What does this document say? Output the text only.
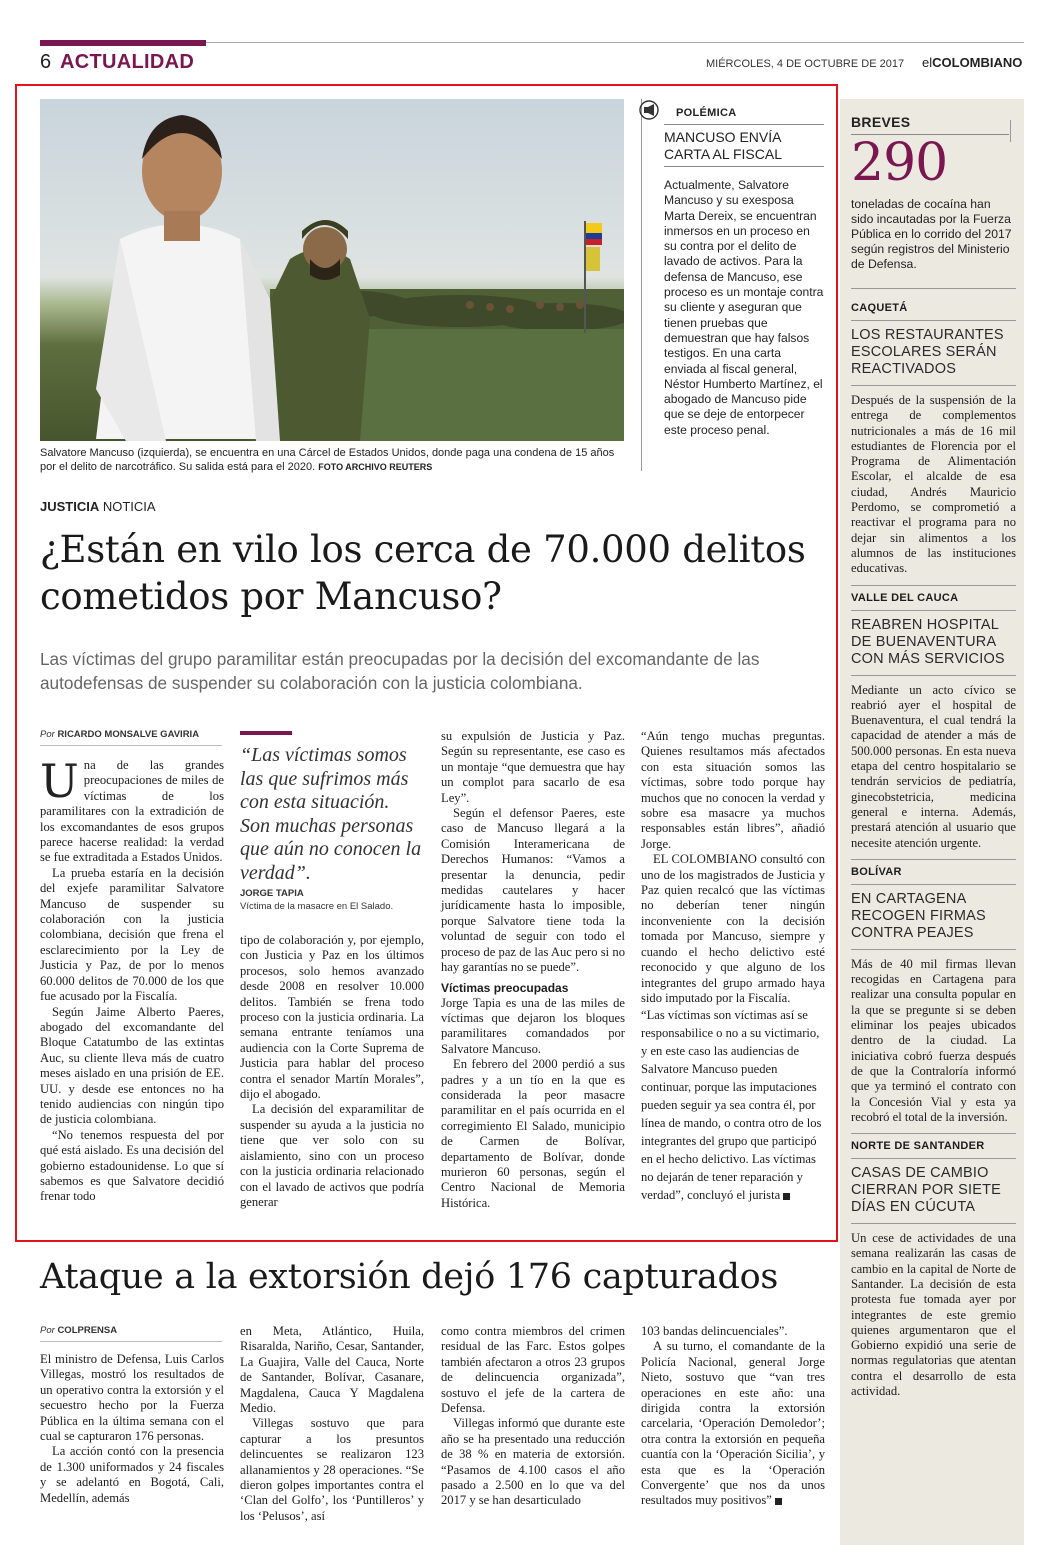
6 ACTUALIDAD	MIÉRCOLES, 4 DE OCTUBRE DE 2017 elCOLOMBIANO
Salvatore Mancuso (izquierda), se encuentra en una Cárcel de Estados Unidos, donde paga una condena de 15 años por el delito de narcotráfico. Su salida está para el 2020. FOTO ARCHIVO REUTERS
POLÉMICA
MANCUSO ENVÍA CARTA AL FISCAL
Actualmente, Salvatore Mancuso y su exesposa Marta Dereix, se encuentran inmersos en un proceso en su contra por el delito de lavado de activos. Para la defensa de Mancuso, ese proceso es un montaje contra su cliente y aseguran que tienen pruebas que demuestran que hay falsos testigos. En una carta enviada al fiscal general, Néstor Humberto Martínez, el abogado de Mancuso pide que se deje de entorpecer este proceso penal.
JUSTICIA NOTICIA
¿Están en vilo los cerca de 70.000 delitos cometidos por Mancuso?
Las víctimas del grupo paramilitar están preocupadas por la decisión del excomandante de las autodefensas de suspender su colaboración con la justicia colombiana.
Por RICARDO MONSALVE GAVIRIA
U na de las grandes preocupaciones de miles de víctimas de los paramilitares con la extradición de los excomandantes de esos grupos parece hacerse realidad: la verdad se fue extraditada a Estados Unidos.

La prueba estaría en la decisión del exjefe paramilitar Salvatore Mancuso de suspender su colaboración con la justicia colombiana, decisión que frena el esclarecimiento por la Ley de Justicia y Paz, de por lo menos 60.000 delitos de 70.000 de los que fue acusado por la Fiscalía.

Según Jaime Alberto Paeres, abogado del excomandante del Bloque Catatumbo de las extintas Auc, su cliente lleva más de cuatro meses aislado en una prisión de EE. UU. y desde ese entonces no ha tenido audiencias con ningún tipo de justicia colombiana.

“No tenemos respuesta del por qué está aislado. Es una decisión del gobierno estadounidense. Lo que sí sabemos es que Salvatore decidió frenar todo

“Las víctimas somos las que sufrimos más con esta situación. Son muchas personas que aún no conocen la verdad”.
JORGE TAPIA
Víctima de la masacre en El Salado.

tipo de colaboración y, por ejemplo, con Justicia y Paz en los últimos procesos, solo hemos avanzado desde 2008 en resolver 10.000 delitos. También se frena todo proceso con la justicia ordinaria. La semana entrante teníamos una audiencia con la Corte Suprema de Justicia para hablar del proceso contra el senador Martín Morales”, dijo el abogado.

La decisión del exparamilitar de suspender su ayuda a la justicia no tiene que ver solo con su aislamiento, sino con un proceso con la justicia ordinaria relacionado con el lavado de activos que podría generar

su expulsión de Justicia y Paz. Según su representante, ese caso es un montaje “que demuestra que hay un complot para sacarlo de esa Ley”.

Según el defensor Paeres, este caso de Mancuso llegará a la Comisión Interamericana de Derechos Humanos: “Vamos a presentar la denuncia, pedir medidas cautelares y hacer jurídicamente hasta lo imposible, porque Salvatore tiene toda la voluntad de seguir con todo el proceso de paz de las Auc pero si no hay garantías no se puede”.

Víctimas preocupadas

Jorge Tapia es una de las miles de víctimas que dejaron los bloques paramilitares comandados por Salvatore Mancuso.

En febrero del 2000 perdió a sus padres y a un tío en la que es considerada la peor masacre paramilitar en el país ocurrida en el corregimiento El Salado, municipio de Carmen de Bolívar, departamento de Bolívar, donde murieron 60 personas, según el Centro Nacional de Memoria Histórica.

“Aún tengo muchas preguntas. Quienes resultamos más afectados con esta situación somos las víctimas, sobre todo porque hay muchos que no conocen la verdad y sobre esa masacre ya muchos responsables están libres”, añadió Jorge.

EL COLOMBIANO consultó con uno de los magistrados de Justicia y Paz quien recalcó que las víctimas no deberían tener ningún inconveniente con la decisión tomada por Mancuso, siempre y cuando el hecho delictivo esté reconocido y que alguno de los integrantes del grupo armado haya sido imputado por la Fiscalía.

“Las víctimas son víctimas así se responsabilice o no a su victimario, y en este caso las audiencias de Salvatore Mancuso pueden continuar, porque las imputaciones pueden seguir ya sea contra él, por línea de mando, o contra otro de los integrantes del grupo que participó en el hecho delictivo. Las víctimas no dejarán de tener reparación y verdad”, concluyó el jurista

Ataque a la extorsión dejó 176 capturados
Por COLPRENSA

El ministro de Defensa, Luis Carlos Villegas, mostró los resultados de un operativo contra la extorsión y el secuestro hecho por la Fuerza Pública en la última semana con el cual se capturaron 176 personas.

La acción contó con la presencia de 1.300 uniformados y 24 fiscales y se adelantó en Bogotá, Cali, Medellín, además

en Meta, Atlántico, Huila, Risaralda, Nariño, Cesar, Santander, La Guajira, Valle del Cauca, Norte de Santander, Bolívar, Casanare, Magdalena, Cauca Y Magdalena Medio.

Villegas sostuvo que para capturar a los presuntos delincuentes se realizaron 123 allanamientos y 28 operaciones. “Se dieron golpes importantes contra el ‘Clan del Golfo’, los ‘Puntilleros’ y los ‘Pelusos’, así

como contra miembros del crimen residual de las Farc. Estos golpes también afectaron a otros 23 grupos de delincuencia organizada”, sostuvo el jefe de la cartera de Defensa.

Villegas informó que durante este año se ha presentado una reducción de 38 % en materia de extorsión. “Pasamos de 4.100 casos el año pasado a 2.500 en lo que va del 2017 y se han desarticulado

103 bandas delincuenciales”.

A su turno, el comandante de la Policía Nacional, general Jorge Nieto, sostuvo que “van tres operaciones en este año: una dirigida contra la extorsión carcelaria, ‘Operación Demoledor’; otra contra la extorsión en pequeña cuantía con la ‘Operación Sicilia’, y esta que es la ‘Operación Convergente’ que nos da unos resultados muy positivos”

BREVES
290
toneladas de cocaína han sido incautadas por la Fuerza Pública en lo corrido del 2017 según registros del Ministerio de Defensa.
CAQUETÁ
LOS RESTAURANTES ESCOLARES SERÁN REACTIVADOS
Después de la suspensión de la entrega de complementos nutricionales a más de 16 mil estudiantes de Florencia por el Programa de Alimentación Escolar, el alcalde de esa ciudad, Andrés Mauricio Perdomo, se comprometió a reactivar el programa para no dejar sin alimentos a los alumnos de las instituciones educativas.
VALLE DEL CAUCA
REABREN HOSPITAL DE BUENAVENTURA CON MÁS SERVICIOS
Mediante un acto cívico se reabrió ayer el hospital de Buenaventura, el cual tendrá la capacidad de atender a más de 500.000 personas. En esta nueva etapa del centro hospitalario se tendrán servicios de pediatría, ginecobstetricia, medicina general e interna. Además, prestará atención al usuario que necesite atención urgente.
BOLÍVAR
EN CARTAGENA RECOGEN FIRMAS CONTRA PEAJES
Más de 40 mil firmas llevan recogidas en Cartagena para realizar una consulta popular en la que se pregunte si se deben eliminar los peajes ubicados dentro de la ciudad. La iniciativa cobró fuerza después de que la Contraloría informó que ya terminó el contrato con la Concesión Vial y esta ya recobró el total de la inversión.
NORTE DE SANTANDER
CASAS DE CAMBIO CIERRAN POR SIETE DÍAS EN CÚCUTA
Un cese de actividades de una semana realizarán las casas de cambio en la capital de Norte de Santander. La decisión de esta protesta fue tomada ayer por integrantes de este gremio quienes argumentaron que el Gobierno expidió una serie de normas regulatorias que atentan contra el desarrollo de esta actividad.
